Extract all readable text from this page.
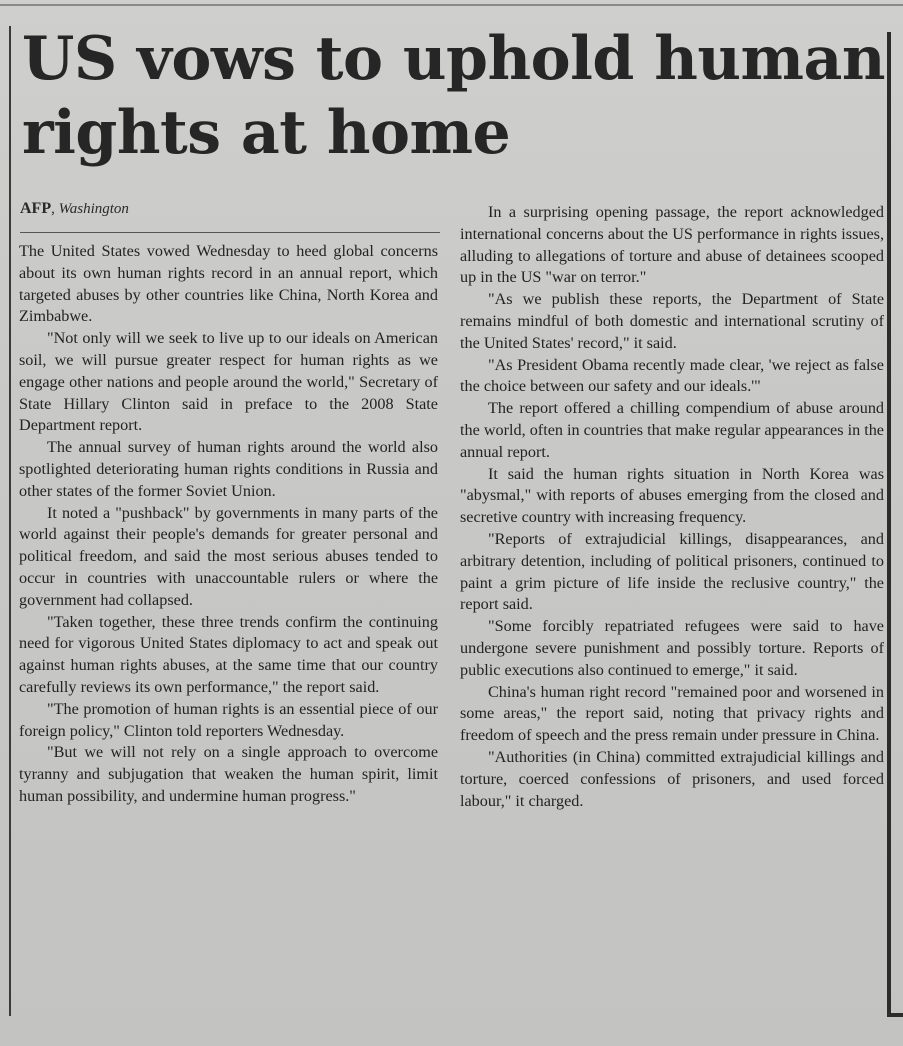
US vows to uphold human rights at home
AFP, Washington

The United States vowed Wednesday to heed global concerns about its own human rights record in an annual report, which targeted abuses by other countries like China, North Korea and Zimbabwe.

"Not only will we seek to live up to our ideals on American soil, we will pursue greater respect for human rights as we engage other nations and people around the world," Secretary of State Hillary Clinton said in preface to the 2008 State Department report.

The annual survey of human rights around the world also spotlighted deteriorating human rights conditions in Russia and other states of the former Soviet Union.

It noted a "pushback" by governments in many parts of the world against their people's demands for greater personal and political freedom, and said the most serious abuses tended to occur in countries with unaccountable rulers or where the government had collapsed.

"Taken together, these three trends confirm the continuing need for vigorous United States diplomacy to act and speak out against human rights abuses, at the same time that our country carefully reviews its own performance," the report said.

"The promotion of human rights is an essential piece of our foreign policy," Clinton told reporters Wednesday.

"But we will not rely on a single approach to overcome tyranny and subjugation that weaken the human spirit, limit human possibility, and undermine human progress."

In a surprising opening passage, the report acknowledged international concerns about the US performance in rights issues, alluding to allegations of torture and abuse of detainees scooped up in the US "war on terror."

"As we publish these reports, the Department of State remains mindful of both domestic and international scrutiny of the United States' record," it said.

"As President Obama recently made clear, 'we reject as false the choice between our safety and our ideals.'"

The report offered a chilling compendium of abuse around the world, often in countries that make regular appearances in the annual report.

It said the human rights situation in North Korea was "abysmal," with reports of abuses emerging from the closed and secretive country with increasing frequency.

"Reports of extrajudicial killings, disappearances, and arbitrary detention, including of political prisoners, continued to paint a grim picture of life inside the reclusive country," the report said.

"Some forcibly repatriated refugees were said to have undergone severe punishment and possibly torture. Reports of public executions also continued to emerge," it said.

China's human right record "remained poor and worsened in some areas," the report said, noting that privacy rights and freedom of speech and the press remain under pressure in China.

"Authorities (in China) committed extrajudicial killings and torture, coerced confessions of prisoners, and used forced labour," it charged.
